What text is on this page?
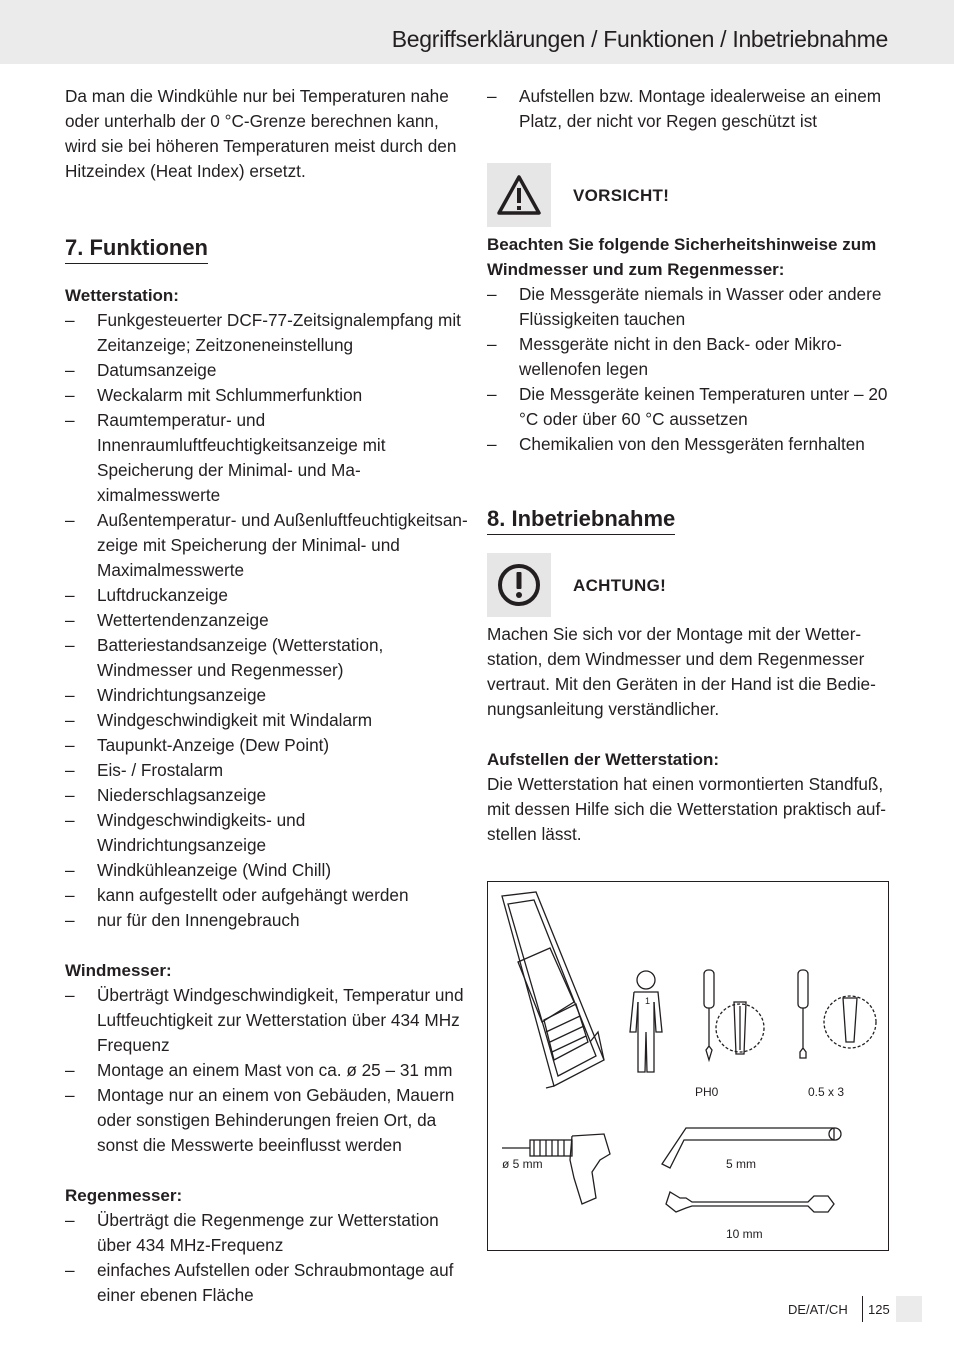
Begriffserklärungen / Funktionen / Inbetriebnahme

Da man die Windkühle nur bei Temperaturen nahe oder unterhalb der 0 °C-Grenze berechnen kann, wird sie bei höheren Temperaturen meist durch den Hitzeindex (Heat Index) ersetzt.

7. Funktionen
Wetterstation:
– Funkgesteuerter DCF-77-Zeitsignalempfang mit Zeitanzeige; Zeitzoneneinstellung
– Datumsanzeige
– Weckalarm mit Schlummerfunktion
– Raumtemperatur- und Innenraumluftfeuchtigkeitsanzeige mit Speicherung der Minimal- und Maximalmesswerte
– Außentemperatur- und Außenluftfeuchtigkeitsanzeige mit Speicherung der Minimal- und Maximalmesswerte
– Luftdruckanzeige
– Wettertendenzanzeige
– Batteriestandsanzeige (Wetterstation, Windmesser und Regenmesser)
– Windrichtungsanzeige
– Windgeschwindigkeit mit Windalarm
– Taupunkt-Anzeige (Dew Point)
– Eis- / Frostalarm
– Niederschlagsanzeige
– Windgeschwindigkeits- und Windrichtungsanzeige
– Windkühleanzeige (Wind Chill)
– kann aufgestellt oder aufgehängt werden
– nur für den Innengebrauch
Windmesser:
– Überträgt Windgeschwindigkeit, Temperatur und Luftfeuchtigkeit zur Wetterstation über 434 MHz Frequenz
– Montage an einem Mast von ca. ø 25 – 31 mm
– Montage nur an einem von Gebäuden, Mauern oder sonstigen Behinderungen freien Ort, da sonst die Messwerte beeinflusst werden
Regenmesser:
– Überträgt die Regenmenge zur Wetterstation über 434 MHz-Frequenz
– einfaches Aufstellen oder Schraubmontage auf einer ebenen Fläche
– Aufstellen bzw. Montage idealerweise an einem Platz, der nicht vor Regen geschützt ist
VORSICHT!

Beachten Sie folgende Sicherheitshinweise zum Windmesser und zum Regenmesser:

– Die Messgeräte niemals in Wasser oder andere Flüssigkeiten tauchen
– Messgeräte nicht in den Back- oder Mikrowellenofen legen
– Die Messgeräte keinen Temperaturen unter – 20 °C oder über 60 °C aussetzen
– Chemikalien von den Messgeräten fernhalten
8. Inbetriebnahme
ACHTUNG!

Machen Sie sich vor der Montage mit der Wetterstation, dem Windmesser und dem Regenmesser vertraut. Mit den Geräten in der Hand ist die Bedienungsanleitung verständlicher.

Aufstellen der Wetterstation:

Die Wetterstation hat einen vormontierten Standfuß, mit dessen Hilfe sich die Wetterstation praktisch aufstellen lässt.

1
PH0	0.5 x 3
ø 5 mm	5 mm
10 mm
DE/AT/CH 125
